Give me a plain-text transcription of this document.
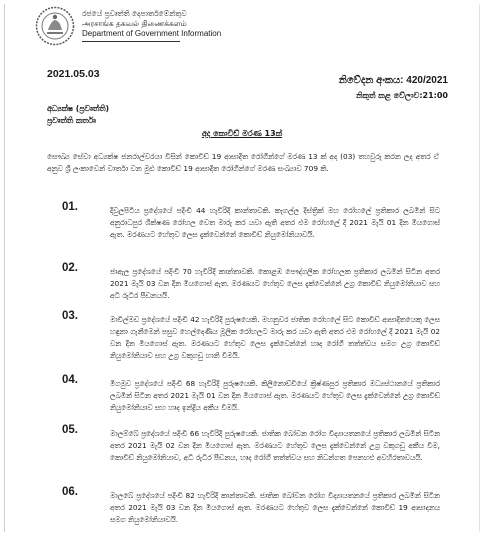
රජයේ ප්‍රවෘත්ති දෙපාර්තමේන්තුව
அரசாங்க தகவல் திணைக்களம்
Department of Government Information
2021.05.03
නිවේදන අංකය: 420/2021
නිකුත් කළ වේලාව:21:00
අධ්‍යක්ෂ (ප්‍රවෘත්ති)
ප්‍රවෘත්ති කර්තෘ
අද කොවිඩ් මරණ 13ක්
සෞඛ්‍ය සේවා අධ්‍යක්ෂ ජනරාල්වරයා විසින් කොවිඩ් 19 ආසාදිත රෝගීන්ගේ මරණ 13 ක් අද (03) තහවුරු කරන ලද අතර ඒ අනුව ශ්‍රී ලංකාවෙන් වාර්තා වන මුළු කොවිඩ් 19 ආසාදිත රෝගීන්ගේ මරණ සංඛ්‍යාව 709 කි.
01.	දිවුලපිටිය ප්‍රදේශයේ පදිංචි 44 හැවිරිදි කාන්තාවකි. කෑගල්ල දිස්ත්‍රික් මහ රෝහලේ ප්‍රතිකාර ලබමින් සිට අනුරාධපුර ශික්ෂණ රෝහල වෙත මාරු කර යවා ඇති අතර එම රෝහලේ දී 2021 මැයි 01 දින මියගොස් ඇත. මරණයට හේතුව ලෙස දැක්වෙන්නේ කොවිඩ් නියුමෝනියාවයි.
02.	ජාඇල ප්‍රදේශයේ පදිංචි 70 හැවිරිදි කාන්තාවකි. කොළඹ පෞද්ගලික රෝහලක ප්‍රතිකාර ලබමින් සිටින අතර 2021 මැයි 03 වන දින මියගොස් ඇත. මරණයට හේතුව ලෙස දැක්වෙන්නේ උග්‍ර කොවිඩ් නියුමෝනියාව සහ අධි රුධිර පීඩනයයි.
03.	මාවිල්මඩ ප්‍රදේශයේ පදිංචි 42 හැවිරිදි පුරුෂයෙකි. මහනුවර ජාතික රෝහලේ සිට කොවිඩ් ආසාදිතයෙකු ලෙස හඳුනා ගැනීමෙන් පසුව හෙල්දෙණිය මූලික රෝහලට මාරු කර යවා ඇති අතර එම රෝහලේ දී 2021 මැයි 02 වන දින මියගොස් ඇත. මරණයට හේතුව ලෙස දැක්වෙන්නේ හෘද රෝගී තත්ත්වය සමග උග්‍ර කොවිඩ් නියුමෝනියාව සහ උග්‍ර වකුගඩු හානි වීමයි.
04.	මිගමුව ප්‍රදේශයේ පදිංචි 68 හැවිරිදි පුරුෂයෙකි. කිලිනොච්චියේ ක්‍රිෂ්ණපුර ප්‍රතිකාර මධ්‍යස්ථානයේ ප්‍රතිකාර ලබමින් සිටින අතර 2021 මැයි 01 වන දින මියගොස් ඇත. මරණයට හේතුව ලෙස දැක්වෙන්නේ උග්‍ර කොවිඩ් නියුමෝනියාව සහ හෘද ඉන්ද්‍රිය අකීය වීමයි.
05.	මාලම්බේ ප්‍රදේශයේ පදිංචි 66 හැවිරිදි පුරුෂයෙකි. ජාතික බෝවන රෝග විද්‍යායතනයේ ප්‍රතිකාර ලබමින් සිටින අතර 2021 මැයි 02 වන දින මියගොස් ඇත. මරණයට හේතුව ලෙස දැක්වෙන්නේ උග්‍ර වකුගඩු අකීය වීම, කොවිඩ් නියුමෝනියාව, අධි රුධිර පීඩනය, හෘද රෝගී තත්ත්වය සහ නිධන්ගත පෙනහළු අවහිරතාවයයි.
06.	මාලබේ ප්‍රදේශයේ පදිංචි 82 හැවිරිදි කාන්තාවකි. ජාතික බෝවන රෝග විද්‍යායතනයේ ප්‍රතිකාර ලබමින් සිටින අතර 2021 මැයි 03 වන දින මියගොස් ඇත. මරණයට හේතුව ලෙස දැක්වෙන්නේ කොවිඩ් 19 ආසාදනය සමග නියුමෝනියාවයි.
